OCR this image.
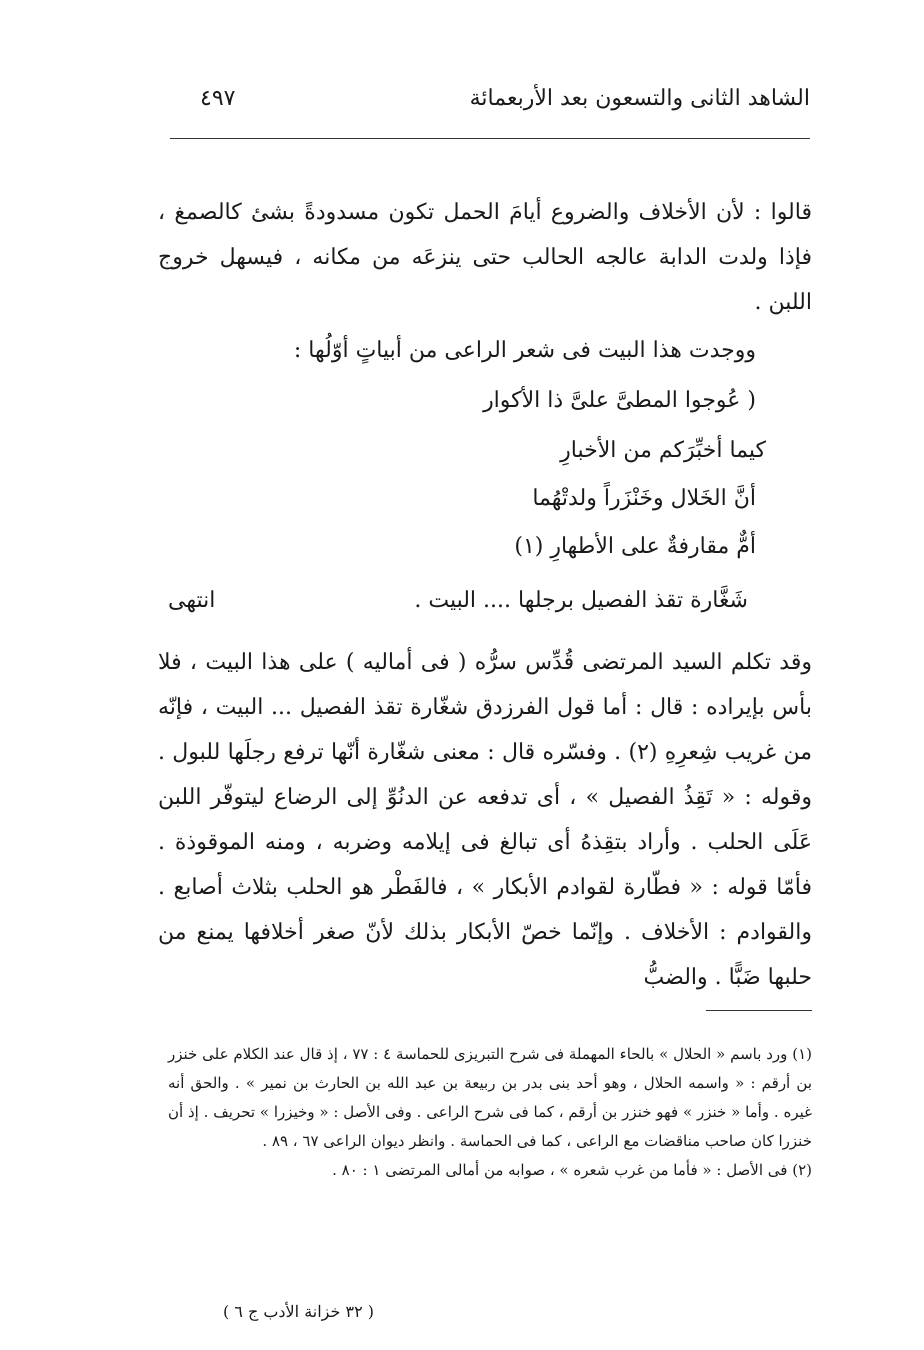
الشاهد الثانى والتسعون بعد الأربعمائة
٤٩٧

قالوا : لأن الأخلاف والضروع أيامَ الحمل تكون مسدودةً بشئ كالصمغ ، فإذا ولدت الدابة عالجه الحالب حتى ينزعَه من مكانه ، فيسهل خروج اللبن .

ووجدت هذا البيت فى شعر الراعى من أبياتٍ أوّلُها :
( عُوجوا المطىَّ علىَّ ذا الأكوار
كيما أخبِّرَكم من الأخبارِ
أنَّ الخَلال وخَنْزَراً ولدتْهُما
أمٌّ مقارفةٌ على الأطهارِ (١)
شَغَّارة تقذ الفصيل برجلها .... البيت .
انتهى

وقد تكلم السيد المرتضى قُدِّس سرُّه ( فى أماليه ) على هذا البيت ، فلا بأس بإيراده : قال : أما قول الفرزدق شغّارة تقذ الفصيل ... البيت ، فإنّه من غريب شِعرِهِ (٢) . وفسّره قال : معنى شغّارة أنّها ترفع رجلَها للبول . وقوله : « تَقِذُ الفصيل » ، أى تدفعه عن الدنُوِّ إلى الرضاع ليتوفّر اللبن عَلَى الحلب . وأراد بتقِذهُ أى تبالغ فى إيلامه وضربه ، ومنه الموقوذة . فأمّا قوله : « فطّارة لقوادم الأبكار » ، فالفَطْر هو الحلب بثلاث أصابع . والقوادم : الأخلاف . وإنّما خصّ الأبكار بذلك لأنّ صغر أخلافها يمنع من حلبها ضَبًّا . والضبُّ

(١) ورد باسم « الحلال » بالحاء المهملة فى شرح التبريزى للحماسة ٤ : ٧٧ ، إذ قال عند الكلام على خنزر بن أرقم : « واسمه الحلال ، وهو أحد بنى بدر بن ربيعة بن عبد الله بن الحارث بن نمير » . والحق أنه غيره . وأما « خنزر » فهو خنزر بن أرقم ، كما فى شرح الراعى . وفى الأصل : « وخيزرا » تحريف . إذ أن خنزرا كان صاحب مناقضات مع الراعى ، كما فى الحماسة . وانظر ديوان الراعى ٦٧ ، ٨٩ .

(٢) فى الأصل : « فأما من غرب شعره » ، صوابه من أمالى المرتضى ١ : ٨٠ .

( ٣٢ خزانة الأدب ج ٦ )
